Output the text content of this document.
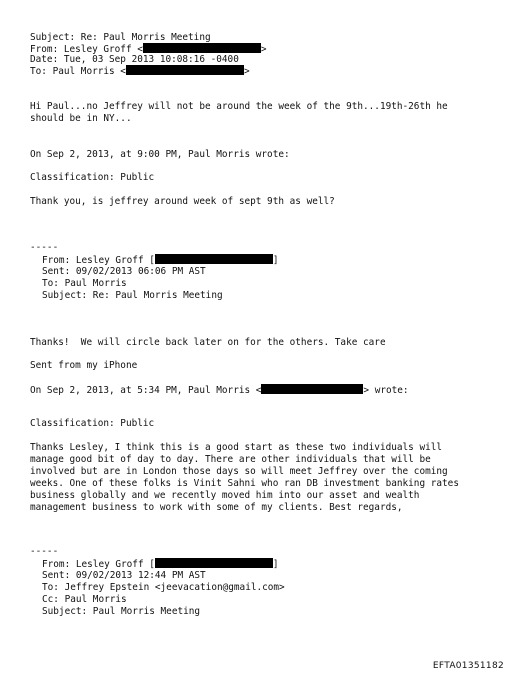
Subject: Re: Paul Morris Meeting
From: Lesley Groff <	>
Date: Tue, 03 Sep 2013 10:08:16 -0400
To: Paul Morris <	>
Hi Paul...no Jeffrey will not be around the week of the 9th...19th-26th he
should be in NY...
On Sep 2, 2013, at 9:00 PM, Paul Morris wrote:
Classification: Public
Thank you, is jeffrey around week of sept 9th as well?
-----
From: Lesley Groff [	]
Sent: 09/02/2013 06:06 PM AST
To: Paul Morris
Subject: Re: Paul Morris Meeting
Thanks!  We will circle back later on for the others. Take care
Sent from my iPhone
On Sep 2, 2013, at 5:34 PM, Paul Morris <	> wrote:
Classification: Public
Thanks Lesley, I think this is a good start as these two individuals will
manage good bit of day to day. There are other individuals that will be
involved but are in London those days so will meet Jeffrey over the coming
weeks. One of these folks is Vinit Sahni who ran DB investment banking rates
business globally and we recently moved him into our asset and wealth
management business to work with some of my clients. Best regards,
-----
From: Lesley Groff [	]
Sent: 09/02/2013 12:44 PM AST
To: Jeffrey Epstein <jeevacation@gmail.com>
Cc: Paul Morris
Subject: Paul Morris Meeting
EFTA01351182
